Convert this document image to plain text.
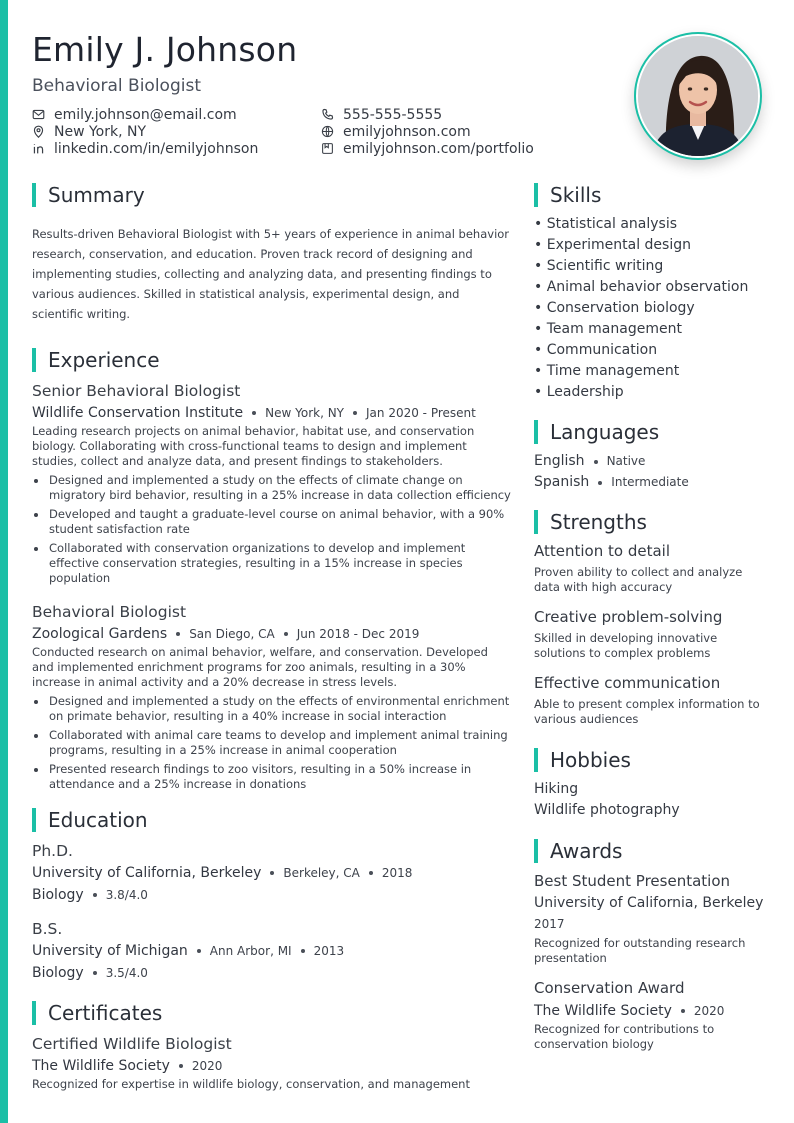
Emily J. Johnson
Behavioral Biologist
emily.johnson@email.com	555-555-5555
New York, NY	emilyjohnson.com
linkedin.com/in/emilyjohnson	emilyjohnson.com/portfolio
Summary
Results-driven Behavioral Biologist with 5+ years of experience in animal behavior research, conservation, and education. Proven track record of designing and implementing studies, collecting and analyzing data, and presenting findings to various audiences. Skilled in statistical analysis, experimental design, and scientific writing.
Experience
Senior Behavioral Biologist
Wildlife Conservation Institute New York, NY Jan 2020 - Present
Leading research projects on animal behavior, habitat use, and conservation biology. Collaborating with cross-functional teams to design and implement studies, collect and analyze data, and present findings to stakeholders.
Designed and implemented a study on the effects of climate change on migratory bird behavior, resulting in a 25% increase in data collection efficiency
Developed and taught a graduate-level course on animal behavior, with a 90% student satisfaction rate
Collaborated with conservation organizations to develop and implement effective conservation strategies, resulting in a 15% increase in species population
Behavioral Biologist
Zoological Gardens San Diego, CA Jun 2018 - Dec 2019
Conducted research on animal behavior, welfare, and conservation. Developed and implemented enrichment programs for zoo animals, resulting in a 30% increase in animal activity and a 20% decrease in stress levels.
Designed and implemented a study on the effects of environmental enrichment on primate behavior, resulting in a 40% increase in social interaction
Collaborated with animal care teams to develop and implement animal training programs, resulting in a 25% increase in animal cooperation
Presented research findings to zoo visitors, resulting in a 50% increase in attendance and a 25% increase in donations
Education
Ph.D.
University of California, Berkeley Berkeley, CA 2018
Biology 3.8/4.0
B.S.
University of Michigan Ann Arbor, MI 2013
Biology 3.5/4.0
Certificates
Certified Wildlife Biologist
The Wildlife Society 2020
Recognized for expertise in wildlife biology, conservation, and management
Skills
• Statistical analysis
• Experimental design
• Scientific writing
• Animal behavior observation
• Conservation biology
• Team management
• Communication
• Time management
• Leadership
Languages
English Native
Spanish Intermediate
Strengths
Attention to detail
Proven ability to collect and analyze data with high accuracy
Creative problem-solving
Skilled in developing innovative solutions to complex problems
Effective communication
Able to present complex information to various audiences
Hobbies
Hiking
Wildlife photography
Awards
Best Student Presentation
University of California, Berkeley
2017
Recognized for outstanding research presentation
Conservation Award
The Wildlife Society 2020
Recognized for contributions to conservation biology
